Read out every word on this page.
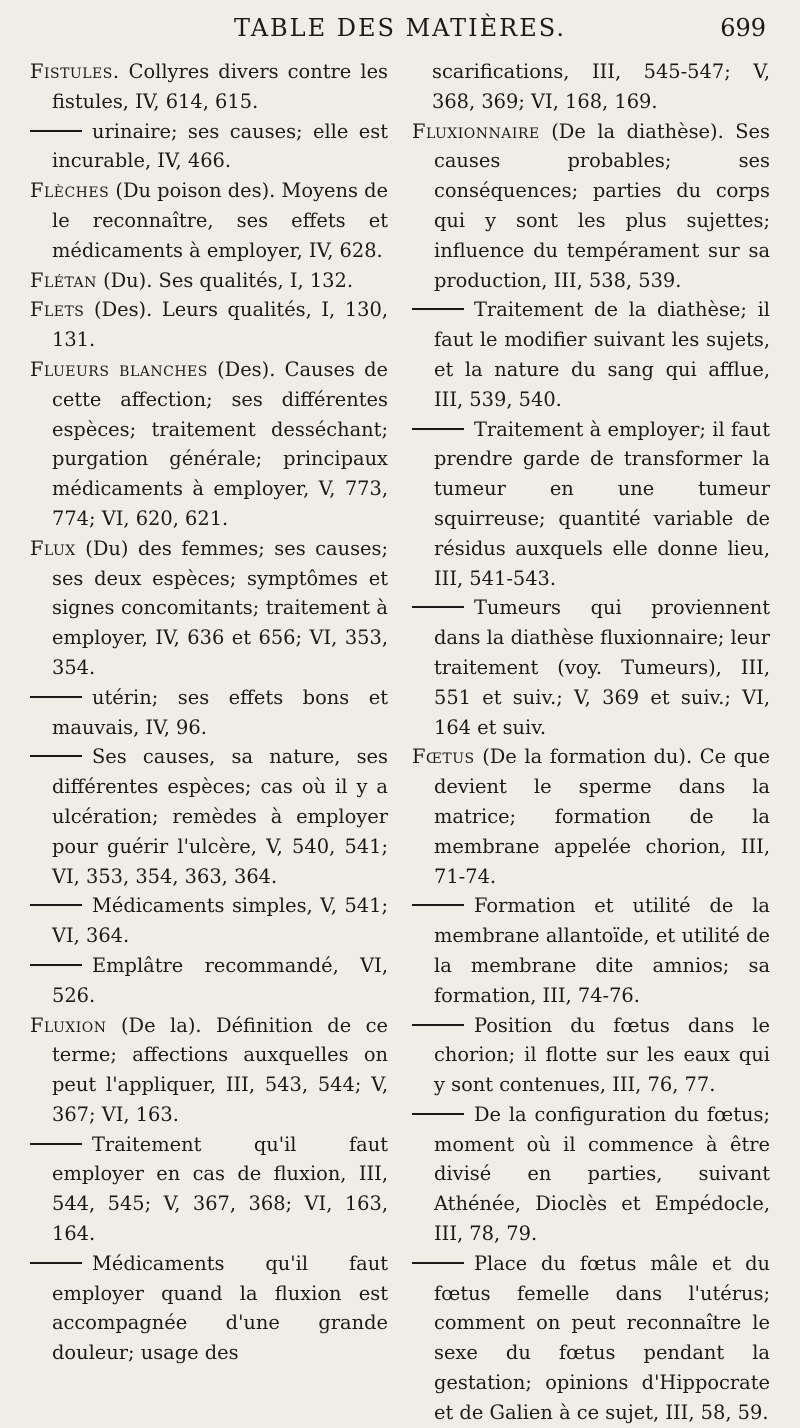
TABLE DES MATIÈRES.	699

Fistules. Collyres divers contre les fistules, IV, 614, 615.

urinaire; ses causes; elle est incurable, IV, 466.

Flèches (Du poison des). Moyens de le reconnaître, ses effets et médicaments à employer, IV, 628.

Flétan (Du). Ses qualités, I, 132.

Flets (Des). Leurs qualités, I, 130, 131.

Flueurs blanches (Des). Causes de cette affection; ses différentes espèces; traitement desséchant; purgation générale; principaux médicaments à employer, V, 773, 774; VI, 620, 621.

Flux (Du) des femmes; ses causes; ses deux espèces; symptômes et signes concomitants; traitement à employer, IV, 636 et 656; VI, 353, 354.

utérin; ses effets bons et mauvais, IV, 96.

Ses causes, sa nature, ses différentes espèces; cas où il y a ulcération; remèdes à employer pour guérir l'ulcère, V, 540, 541; VI, 353, 354, 363, 364.

Médicaments simples, V, 541; VI, 364.

Emplâtre recommandé, VI, 526.

Fluxion (De la). Définition de ce terme; affections auxquelles on peut l'appliquer, III, 543, 544; V, 367; VI, 163.

Traitement qu'il faut employer en cas de fluxion, III, 544, 545; V, 367, 368; VI, 163, 164.

Médicaments qu'il faut employer quand la fluxion est accompagnée d'une grande douleur; usage des

scarifications, III, 545-547; V, 368, 369; VI, 168, 169.

Fluxionnaire (De la diathèse). Ses causes probables; ses conséquences; parties du corps qui y sont les plus sujettes; influence du tempérament sur sa production, III, 538, 539.

Traitement de la diathèse; il faut le modifier suivant les sujets, et la nature du sang qui afflue, III, 539, 540.

Traitement à employer; il faut prendre garde de transformer la tumeur en une tumeur squirreuse; quantité variable de résidus auxquels elle donne lieu, III, 541-543.

Tumeurs qui proviennent dans la diathèse fluxionnaire; leur traitement (voy. Tumeurs), III, 551 et suiv.; V, 369 et suiv.; VI, 164 et suiv.

Fœtus (De la formation du). Ce que devient le sperme dans la matrice; formation de la membrane appelée chorion, III, 71-74.

Formation et utilité de la membrane allantoïde, et utilité de la membrane dite amnios; sa formation, III, 74-76.

Position du fœtus dans le chorion; il flotte sur les eaux qui y sont contenues, III, 76, 77.

De la configuration du fœtus; moment où il commence à être divisé en parties, suivant Athénée, Dioclès et Empédocle, III, 78, 79.

Place du fœtus mâle et du fœtus femelle dans l'utérus; comment on peut reconnaître le sexe du fœtus pendant la gestation; opinions d'Hippocrate et de Galien à ce sujet, III, 58, 59.
